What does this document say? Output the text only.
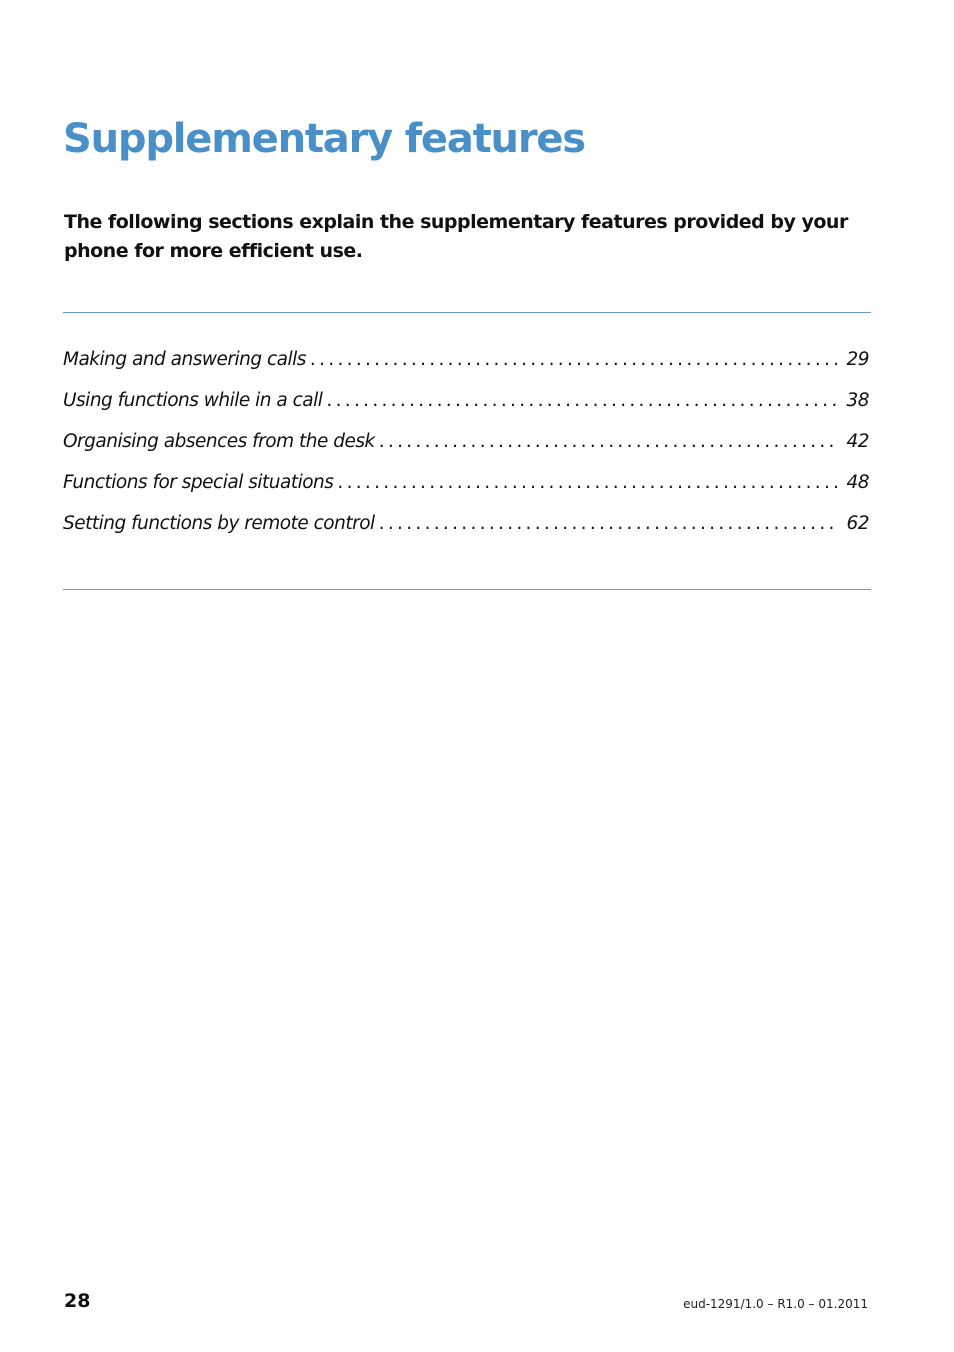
Supplementary features

The following sections explain the supplementary features provided by your phone for more efficient use.

Making and answering calls .....	29
Using functions while in a call .....	38
Organising absences from the desk .....	42
Functions for special situations .....	48
Setting functions by remote control .....	62
28	eud-1291/1.0 – R1.0 – 01.2011
